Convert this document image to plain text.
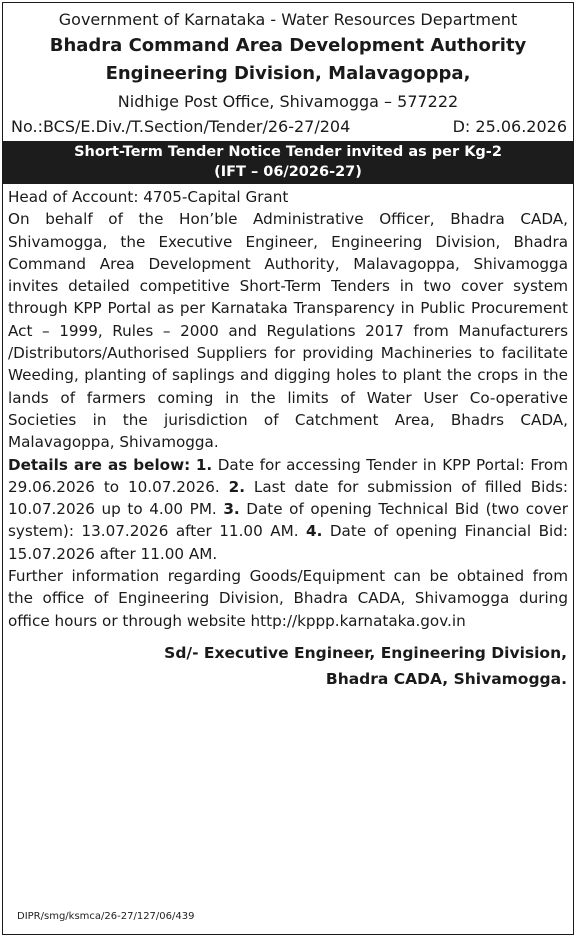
Government of Karnataka - Water Resources Department
Bhadra Command Area Development Authority
Engineering Division, Malavagoppa,
Nidhige Post Office, Shivamogga – 577222
No.:BCS/E.Div./T.Section/Tender/26-27/204	D: 25.06.2026
Short-Term Tender Notice Tender invited as per Kg-2
(IFT – 06/2026-27)

Head of Account: 4705-Capital Grant

On behalf of the Hon’ble Administrative Officer, Bhadra CADA, Shivamogga, the Executive Engineer, Engineering Division, Bhadra Command Area Development Authority, Malavagoppa, Shivamogga invites detailed competitive Short-Term Tenders in two cover system through KPP Portal as per Karnataka Transparency in Public Procurement Act – 1999, Rules – 2000 and Regulations 2017 from Manufacturers /Distributors/Authorised Suppliers for providing Machineries to facilitate Weeding, planting of saplings and digging holes to plant the crops in the lands of farmers coming in the limits of Water User Co-operative Societies in the jurisdiction of Catchment Area, Bhadrs CADA, Malavagoppa, Shivamogga.

Details are as below: 1. Date for accessing Tender in KPP Portal: From 29.06.2026 to 10.07.2026. 2. Last date for submission of filled Bids: 10.07.2026 up to 4.00 PM. 3. Date of opening Technical Bid (two cover system): 13.07.2026 after 11.00 AM. 4. Date of opening Financial Bid: 15.07.2026 after 11.00 AM.

Further information regarding Goods/Equipment can be obtained from the office of Engineering Division, Bhadra CADA, Shivamogga during office hours or through website http://kppp.karnataka.gov.in

Sd/- Executive Engineer, Engineering Division,
Bhadra CADA, Shivamogga.
DIPR/smg/ksmca/26-27/127/06/439
